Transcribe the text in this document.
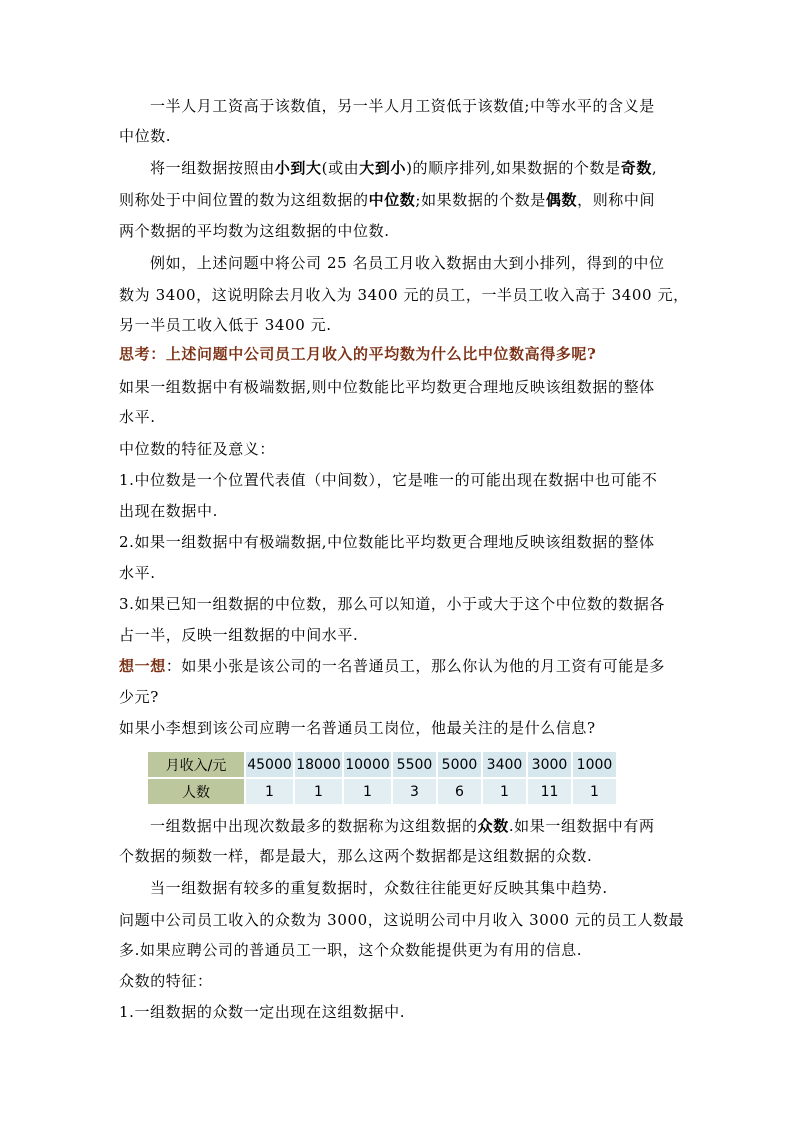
一半人月工资高于该数值，另一半人月工资低于该数值;中等水平的含义是
中位数.
将一组数据按照由小到大(或由大到小)的顺序排列,如果数据的个数是奇数,
则称处于中间位置的数为这组数据的中位数;如果数据的个数是偶数，则称中间
两个数据的平均数为这组数据的中位数.
例如，上述问题中将公司 25 名员工月收入数据由大到小排列，得到的中位
数为 3400，这说明除去月收入为 3400 元的员工，一半员工收入高于 3400 元，
另一半员工收入低于 3400 元.
思考：上述问题中公司员工月收入的平均数为什么比中位数高得多呢?
如果一组数据中有极端数据,则中位数能比平均数更合理地反映该组数据的整体
水平.
中位数的特征及意义：
1.中位数是一个位置代表值（中间数），它是唯一的可能出现在数据中也可能不
出现在数据中.
2.如果一组数据中有极端数据,中位数能比平均数更合理地反映该组数据的整体
水平.
3.如果已知一组数据的中位数，那么可以知道，小于或大于这个中位数的数据各
占一半，反映一组数据的中间水平.
想一想：如果小张是该公司的一名普通员工，那么你认为他的月工资有可能是多
少元?
如果小李想到该公司应聘一名普通员工岗位，他最关注的是什么信息?
月收入/元	45000	18000	10000	5500	5000	3400	3000	1000
人数	1	1	1	3	6	1	11	1
一组数据中出现次数最多的数据称为这组数据的众数.如果一组数据中有两
个数据的频数一样，都是最大，那么这两个数据都是这组数据的众数.
当一组数据有较多的重复数据时，众数往往能更好反映其集中趋势.
问题中公司员工收入的众数为 3000，这说明公司中月收入 3000 元的员工人数最
多.如果应聘公司的普通员工一职，这个众数能提供更为有用的信息.
众数的特征：
1.一组数据的众数一定出现在这组数据中.
